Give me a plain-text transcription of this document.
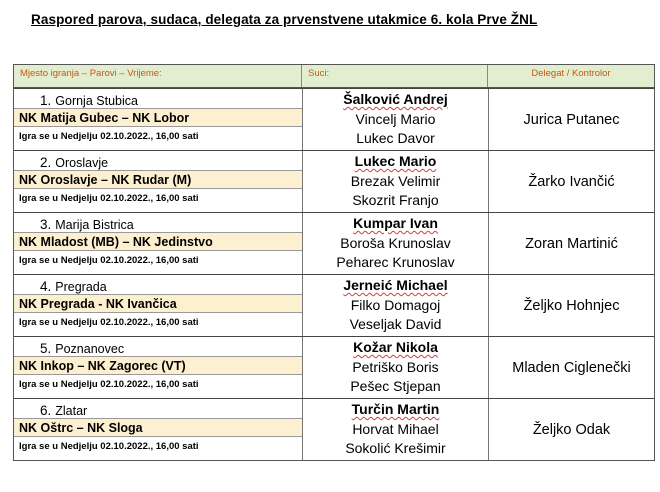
Raspored parova, sudaca, delegata za prvenstvene utakmice 6. kola Prve ŽNL
Mjesto igranja – Parovi – Vrijeme:	Suci:	Delegat / Kontrolor
1. Gornja Stubica
NK Matija Gubec – NK Lobor
Igra se u Nedjelju 02.10.2022., 16,00 sati
Šalković Andrej
Vincelj Mario
Lukec Davor
Jurica Putanec
2. Oroslavje
NK Oroslavje – NK Rudar (M)
Igra se u Nedjelju 02.10.2022., 16,00 sati
Lukec Mario
Brezak Velimir
Skozrit Franjo
Žarko Ivančić
3. Marija Bistrica
NK Mladost (MB) – NK Jedinstvo
Igra se u Nedjelju 02.10.2022., 16,00 sati
Kumpar Ivan
Boroša Krunoslav
Peharec Krunoslav
Zoran Martinić
4. Pregrada
NK Pregrada - NK Ivančica
Igra se u Nedjelju 02.10.2022., 16,00 sati
Jerneić Michael
Filko Domagoj
Veseljak David
Željko Hohnjec
5. Poznanovec
NK Inkop – NK Zagorec (VT)
Igra se u Nedjelju 02.10.2022., 16,00 sati
Kožar Nikola
Petriško Boris
Pešec Stjepan
Mladen Ciglenečki
6. Zlatar
NK Oštrc – NK Sloga
Igra se u Nedjelju 02.10.2022., 16,00 sati
Turčin Martin
Horvat Mihael
Sokolić Krešimir
Željko Odak
